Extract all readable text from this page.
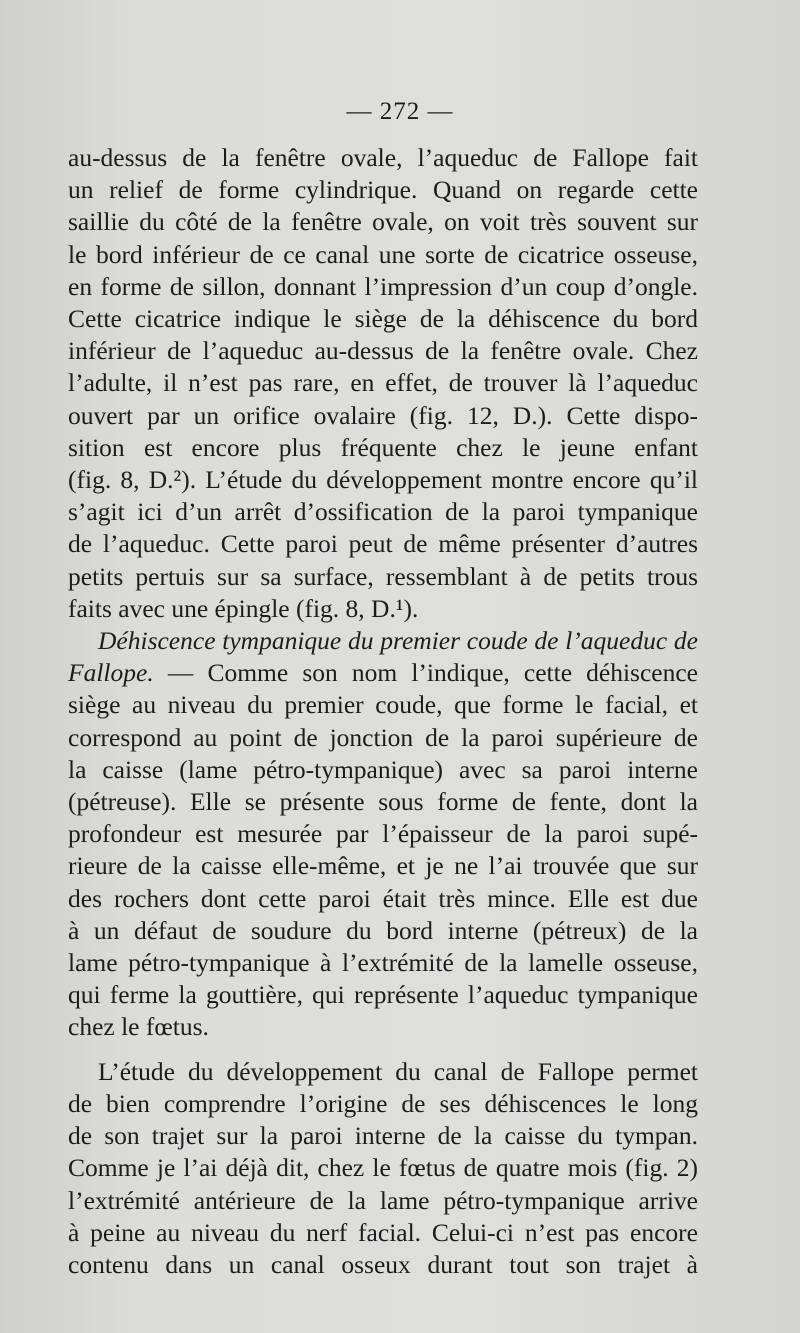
— 272 —

au-dessus de la fenêtre ovale, l’aqueduc de Fallope fait
un relief de forme cylindrique. Quand on regarde cette
saillie du côté de la fenêtre ovale, on voit très souvent sur
le bord inférieur de ce canal une sorte de cicatrice osseuse,
en forme de sillon, donnant l’impression d’un coup d’ongle.
Cette cicatrice indique le siège de la déhiscence du bord
inférieur de l’aqueduc au-dessus de la fenêtre ovale. Chez
l’adulte, il n’est pas rare, en effet, de trouver là l’aqueduc
ouvert par un orifice ovalaire (fig. 12, D.). Cette dispo-
sition est encore plus fréquente chez le jeune enfant
(fig. 8, D.²). L’étude du développement montre encore qu’il
s’agit ici d’un arrêt d’ossification de la paroi tympanique
de l’aqueduc. Cette paroi peut de même présenter d’autres
petits pertuis sur sa surface, ressemblant à de petits trous
faits avec une épingle (fig. 8, D.¹).

Déhiscence tympanique du premier coude de l’aqueduc de
Fallope. — Comme son nom l’indique, cette déhiscence
siège au niveau du premier coude, que forme le facial, et
correspond au point de jonction de la paroi supérieure de
la caisse (lame pétro-tympanique) avec sa paroi interne
(pétreuse). Elle se présente sous forme de fente, dont la
profondeur est mesurée par l’épaisseur de la paroi supé-
rieure de la caisse elle-même, et je ne l’ai trouvée que sur
des rochers dont cette paroi était très mince. Elle est due
à un défaut de soudure du bord interne (pétreux) de la
lame pétro-tympanique à l’extrémité de la lamelle osseuse,
qui ferme la gouttière, qui représente l’aqueduc tympanique
chez le fœtus.

L’étude du développement du canal de Fallope permet
de bien comprendre l’origine de ses déhiscences le long
de son trajet sur la paroi interne de la caisse du tympan.
Comme je l’ai déjà dit, chez le fœtus de quatre mois (fig. 2)
l’extrémité antérieure de la lame pétro-tympanique arrive
à peine au niveau du nerf facial. Celui-ci n’est pas encore
contenu dans un canal osseux durant tout son trajet à
